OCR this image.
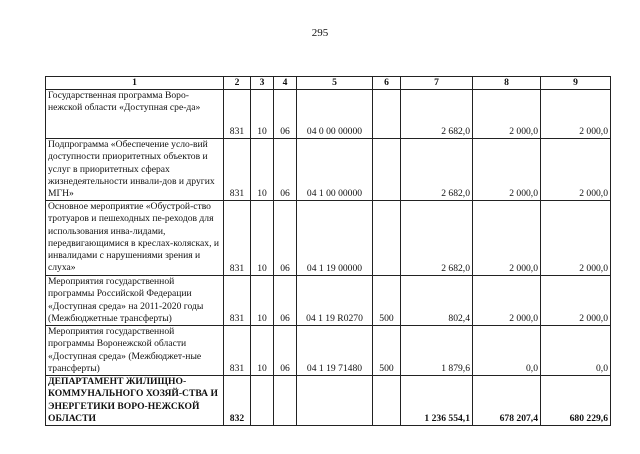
295
1	2	3	4	5	6	7	8	9
Государственная программа Воро-нежской области «Доступная сре-да»	831	10	06	04 0 00 00000		2 682,0	2 000,0	2 000,0
Подпрограмма «Обеспечение усло-вий доступности приоритетных объектов и услуг в приоритетных сферах жизнедеятельности инвали-дов и других МГН»	831	10	06	04 1 00 00000		2 682,0	2 000,0	2 000,0
Основное мероприятие «Обустрой-ство тротуаров и пешеходных пе-реходов для использования инва-лидами, передвигающимися в креслах-колясках, и инвалидами с нарушениями зрения и слуха»	831	10	06	04 1 19 00000		2 682,0	2 000,0	2 000,0
Мероприятия государственной программы Российской Федерации «Доступная среда» на 2011-2020 годы (Межбюджетные трансферты)	831	10	06	04 1 19 R0270	500	802,4	2 000,0	2 000,0
Мероприятия государственной программы Воронежской области «Доступная среда» (Межбюджет-ные трансферты)	831	10	06	04 1 19 71480	500	1 879,6	0,0	0,0
ДЕПАРТАМЕНТ ЖИЛИЩНО-КОММУНАЛЬНОГО ХОЗЯЙ-СТВА И ЭНЕРГЕТИКИ ВОРО-НЕЖСКОЙ ОБЛАСТИ	832					1 236 554,1	678 207,4	680 229,6
